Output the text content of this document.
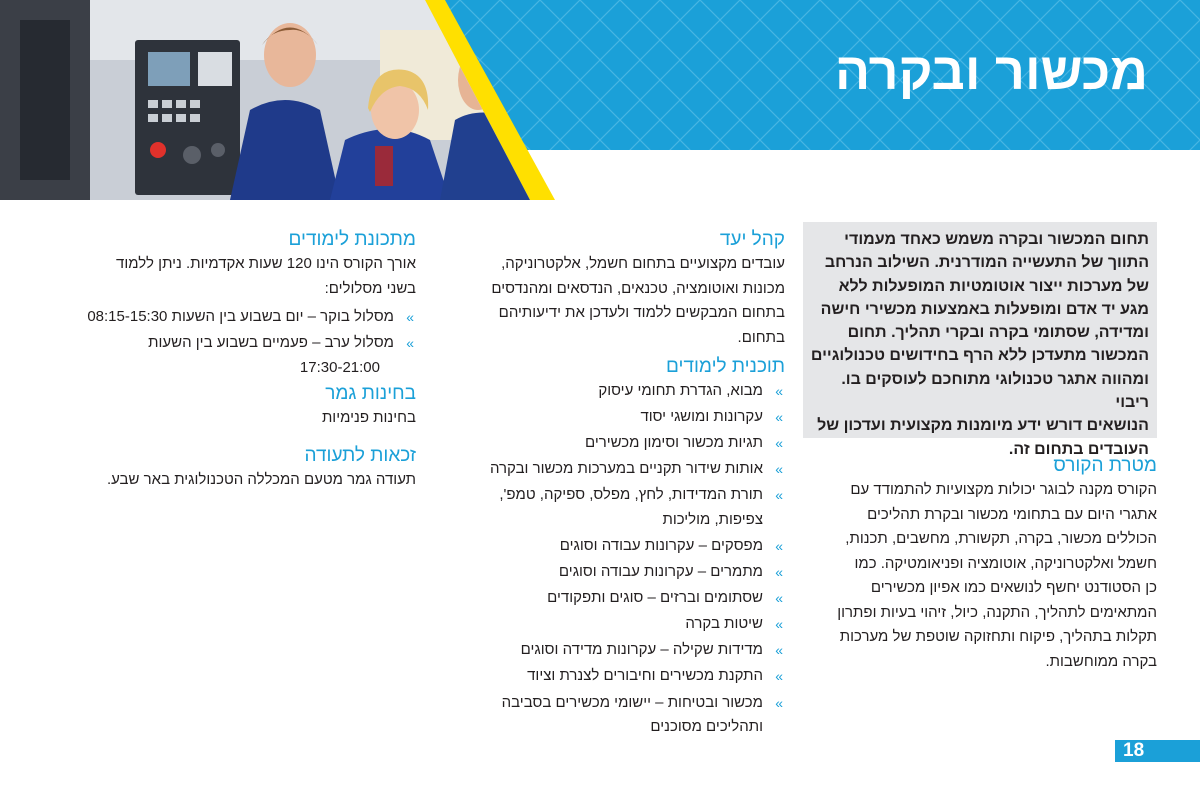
מכשור ובקרה

תחום המכשור ובקרה משמש כאחד מעמודי
התווך של התעשייה המודרנית. השילוב הנרחב
של מערכות ייצור אוטומטיות המופעלות ללא
מגע יד אדם ומופעלות באמצעות מכשירי חישה
ומדידה, שסתומי בקרה ובקרי תהליך. תחום
המכשור מתעדכן ללא הרף בחידושים טכנולוגיים
ומהווה אתגר טכנולוגי מתוחכם לעוסקים בו. ריבוי
הנושאים דורש ידע מיומנות מקצועית ועדכון של
העובדים בתחום זה.

מטרת הקורס

הקורס מקנה לבוגר יכולות מקצועיות להתמודד עם
אתגרי היום עם בתחומי מכשור ובקרת תהליכים
הכוללים מכשור, בקרה, תקשורת, מחשבים, תכנות,
חשמל ואלקטרוניקה, אוטומציה ופניאומטיקה. כמו
כן הסטודנט יחשף לנושאים כמו אפיון מכשירים
המתאימים לתהליך, התקנה, כיול, זיהוי בעיות ופתרון
תקלות בתהליך, פיקוח ותחזוקה שוטפת של מערכות
בקרה ממוחשבות.

קהל יעד

עובדים מקצועיים בתחום חשמל, אלקטרוניקה,
מכונות ואוטומציה, טכנאים, הנדסאים ומהנדסים
בתחום המבקשים ללמוד ולעדכן את ידיעותיהם
בתחום.

תוכנית לימודים
»
מבוא, הגדרת תחומי עיסוק
»
עקרונות ומושגי יסוד
»
תגיות מכשור וסימון מכשירים
»
אותות שידור תקניים במערכות מכשור ובקרה
»
תורת המדידות, לחץ, מפלס, ספיקה, טמפ',
צפיפות, מוליכות
»
מפסקים – עקרונות עבודה וסוגים
»
מתמרים – עקרונות עבודה וסוגים
»
שסתומים וברזים – סוגים ותפקודים
»
שיטות בקרה
»
מדידות שקילה – עקרונות מדידה וסוגים
»
התקנת מכשירים וחיבורים לצנרת וציוד
»
מכשור ובטיחות – יישומי מכשירים בסביבה
ותהליכים מסוכנים
מתכונת לימודים

אורך הקורס הינו 120 שעות אקדמיות. ניתן ללמוד
בשני מסלולים:

»
מסלול בוקר – יום בשבוע בין השעות 08:15-15:30
»
מסלול ערב – פעמיים בשבוע בין השעות
17:30-21:00
בחינות גמר

בחינות פנימיות

זכאות לתעודה

תעודה גמר מטעם המכללה הטכנולוגית באר שבע.

18
